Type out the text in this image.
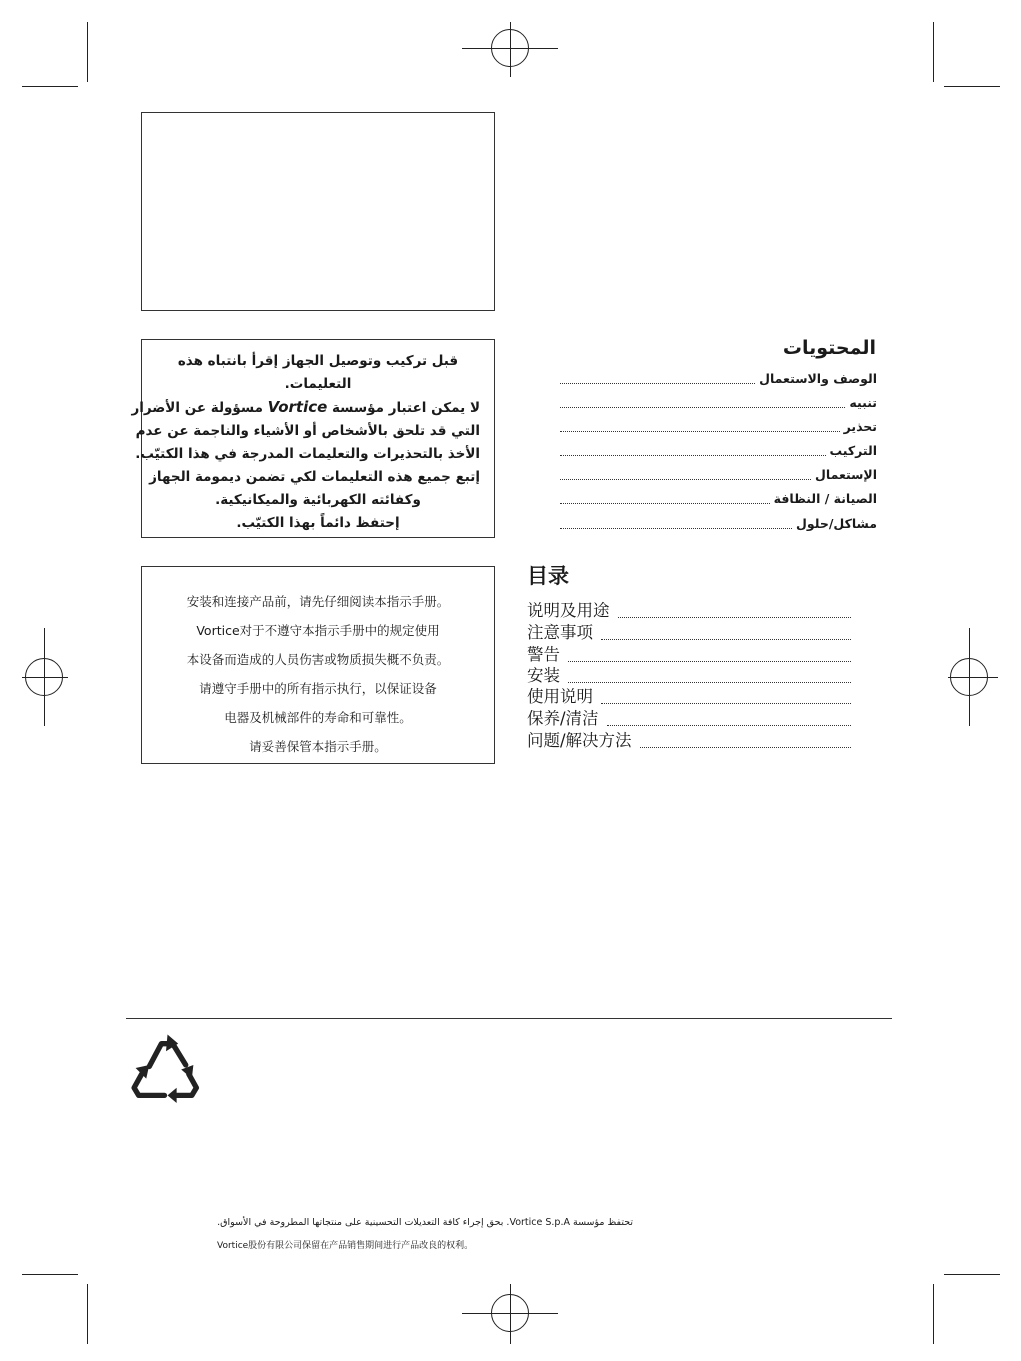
قبل تركيب وتوصيل الجهاز إقرأ بانتباه هذه
التعليمات.
لا يمكن اعتبار مؤسسة Vortice مسؤولة عن الأضرار
التي قد تلحق بالأشخاص أو الأشياء والناجمة عن عدم
الأخذ بالتحذيرات والتعليمات المدرجة في هذا الكتيّب.
إتبع جميع هذه التعليمات لكي تضمن ديمومة الجهاز
وكفائته الكهربائية والميكانيكية.
إحتفظ دائماً بهذا الكتيّب.
安装和连接产品前，请先仔细阅读本指示手册。
Vortice对于不遵守本指示手册中的规定使用
本设备而造成的人员伤害或物质损失概不负责。
请遵守手册中的所有指示执行，以保证设备
电器及机械部件的寿命和可靠性。
请妥善保管本指示手册。
المحتويات
الوصف والاستعمال
تنبيه
تحذير
التركيب
الإستعمال
الصيانة / النظافة
مشاكل/حلول
目录
说明及用途
注意事项
警告
安装
使用说明
保养/清洁
问题/解决方法
تحتفظ مؤسسة Vortice S.p.A. بحق إجراء كافة التعديلات التحسينية على منتجاتها المطروحة في الأسواق.
Vortice股份有限公司保留在产品销售期间进行产品改良的权利。
